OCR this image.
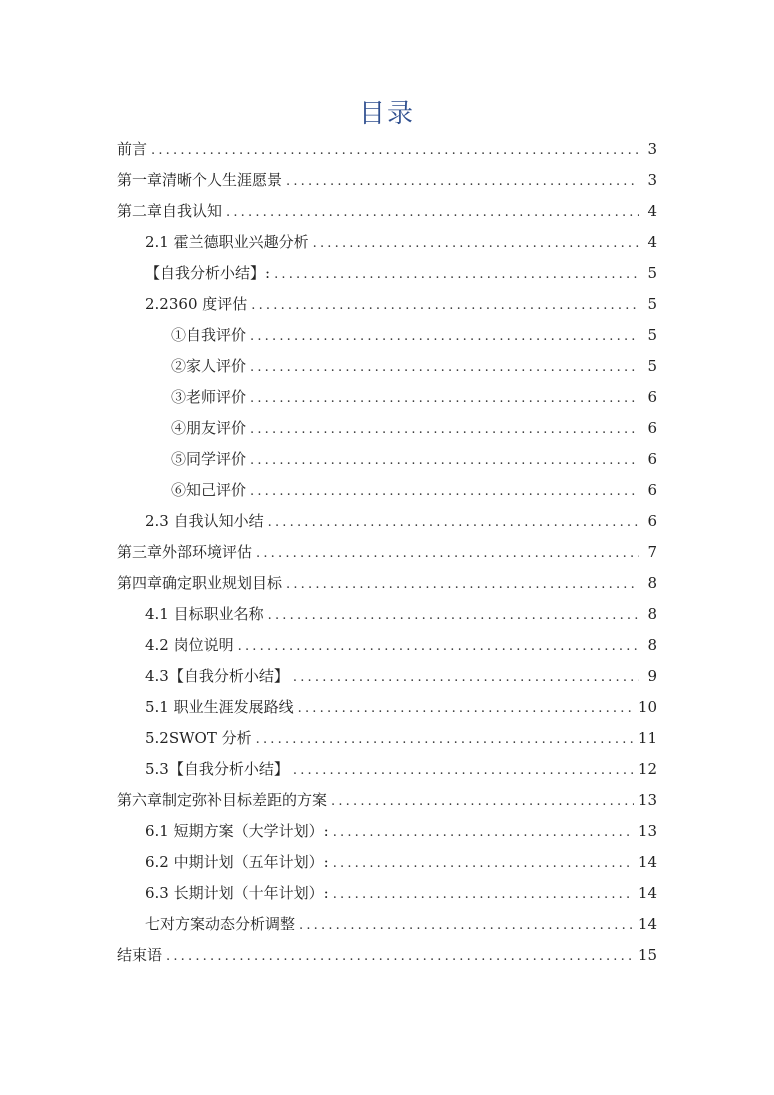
目录
前言 .....	3
第一章清晰个人生涯愿景 .....	3
第二章自我认知 .....	4
2.1 霍兰德职业兴趣分析 .....	4
【自我分析小结】: .....	5
2.2360 度评估 .....	5
①自我评价 .....	5
②家人评价 .....	5
③老师评价 .....	6
④朋友评价 .....	6
⑤同学评价 .....	6
⑥知己评价 .....	6
2.3 自我认知小结 .....	6
第三章外部环境评估 .....	7
第四章确定职业规划目标 .....	8
4.1 目标职业名称 .....	8
4.2 岗位说明 .....	8
4.3【自我分析小结】 .....	9
5.1 职业生涯发展路线 .....	10
5.2SWOT 分析 .....	11
5.3【自我分析小结】 .....	12
第六章制定弥补目标差距的方案 .....	13
6.1 短期方案（大学计划）: .....	13
6.2 中期计划（五年计划）: .....	14
6.3 长期计划（十年计划）: .....	14
七对方案动态分析调整 .....	14
结束语 .....	15
